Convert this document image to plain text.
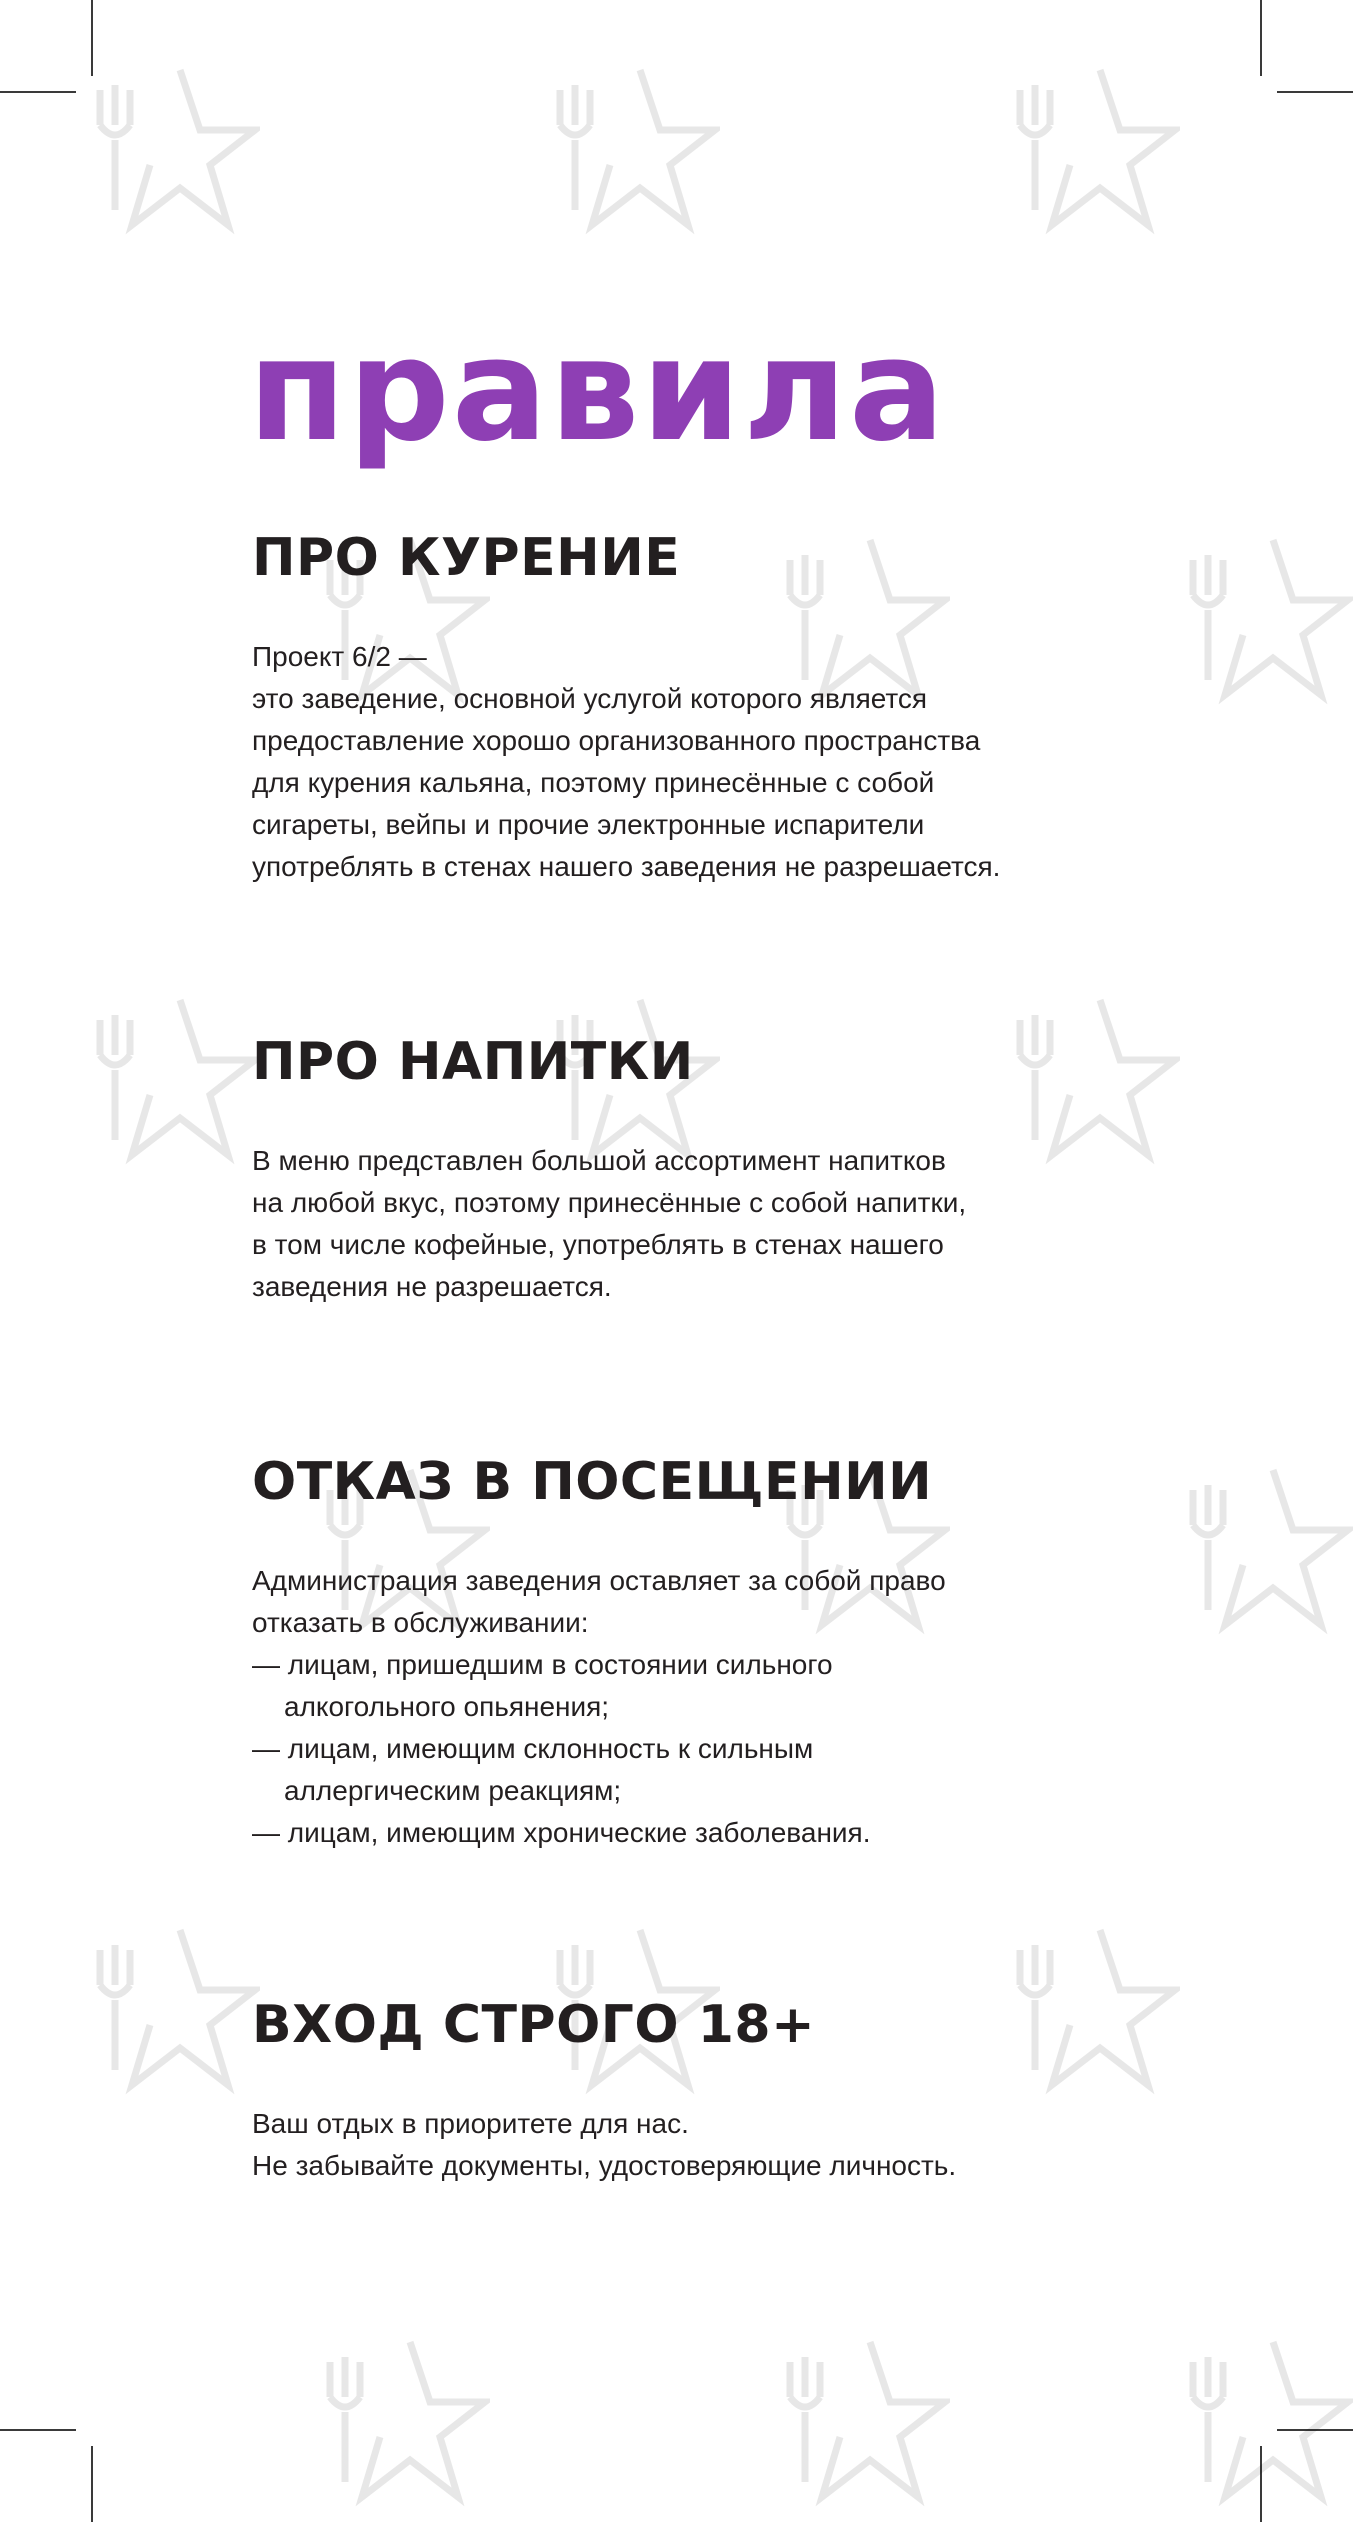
правила
ПРО КУРЕНИЕ
Проект 6/2 —
это заведение, основной услугой которого является
предоставление хорошо организованного пространства
для курения кальяна, поэтому принесённые с собой
сигареты, вейпы и прочие электронные испарители
употреблять в стенах нашего заведения не разрешается.
ПРО НАПИТКИ
В меню представлен большой ассортимент напитков
на любой вкус, поэтому принесённые с собой напитки,
в том числе кофейные, употреблять в стенах нашего
заведения не разрешается.
ОТКАЗ В ПОСЕЩЕНИИ
Администрация заведения оставляет за собой право
отказать в обслуживании:
— лицам, пришедшим в состоянии сильного
алкогольного опьянения;
— лицам, имеющим склонность к сильным
аллергическим реакциям;
— лицам, имеющим хронические заболевания.
ВХОД СТРОГО 18+
Ваш отдых в приоритете для нас.
Не забывайте документы, удостоверяющие личность.
